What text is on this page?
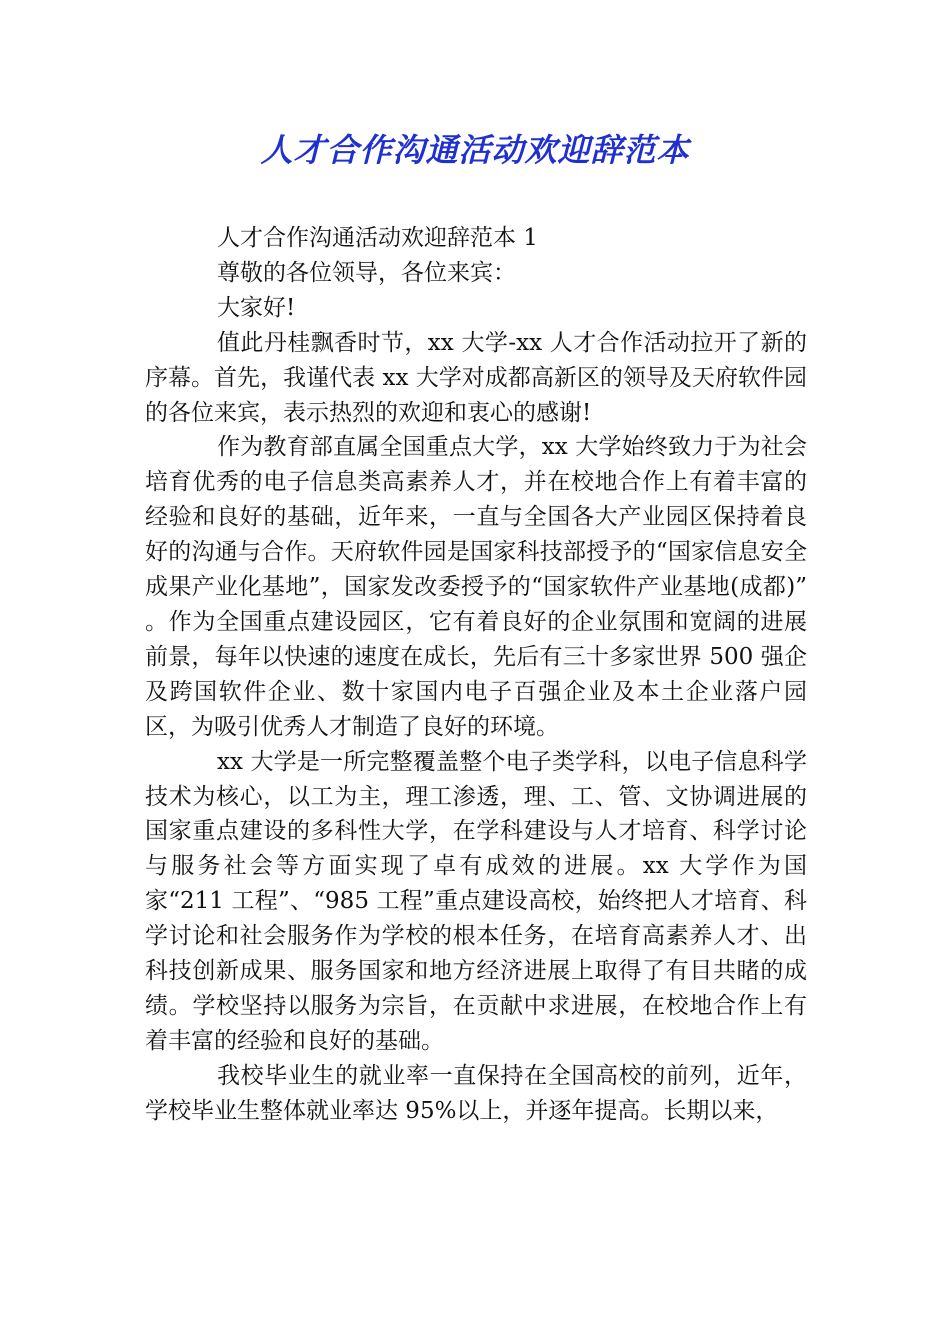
人才合作沟通活动欢迎辞范本

人才合作沟通活动欢迎辞范本 1

尊敬的各位领导，各位来宾：

大家好!

值此丹桂飘香时节，xx 大学-xx 人才合作活动拉开了新的序幕。首先，我谨代表 xx 大学对成都高新区的领导及天府软件园的各位来宾，表示热烈的欢迎和衷心的感谢!

作为教育部直属全国重点大学，xx 大学始终致力于为社会培育优秀的电子信息类高素养人才，并在校地合作上有着丰富的经验和良好的基础，近年来，一直与全国各大产业园区保持着良好的沟通与合作。天府软件园是国家科技部授予的“国家信息安全成果产业化基地”，国家发改委授予的“国家软件产业基地(成都)” 。作为全国重点建设园区，它有着良好的企业氛围和宽阔的进展前景，每年以快速的速度在成长，先后有三十多家世界 500 强企及跨国软件企业、数十家国内电子百强企业及本土企业落户园区，为吸引优秀人才制造了良好的环境。

xx 大学是一所完整覆盖整个电子类学科，以电子信息科学技术为核心，以工为主，理工渗透，理、工、管、文协调进展的国家重点建设的多科性大学，在学科建设与人才培育、科学讨论与服务社会等方面实现了卓有成效的进展。xx 大学作为国家“211 工程”、“985 工程”重点建设高校，始终把人才培育、科学讨论和社会服务作为学校的根本任务，在培育高素养人才、出科技创新成果、服务国家和地方经济进展上取得了有目共睹的成绩。学校坚持以服务为宗旨，在贡献中求进展，在校地合作上有着丰富的经验和良好的基础。

我校毕业生的就业率一直保持在全国高校的前列，近年，学校毕业生整体就业率达 95%以上，并逐年提高。长期以来，
